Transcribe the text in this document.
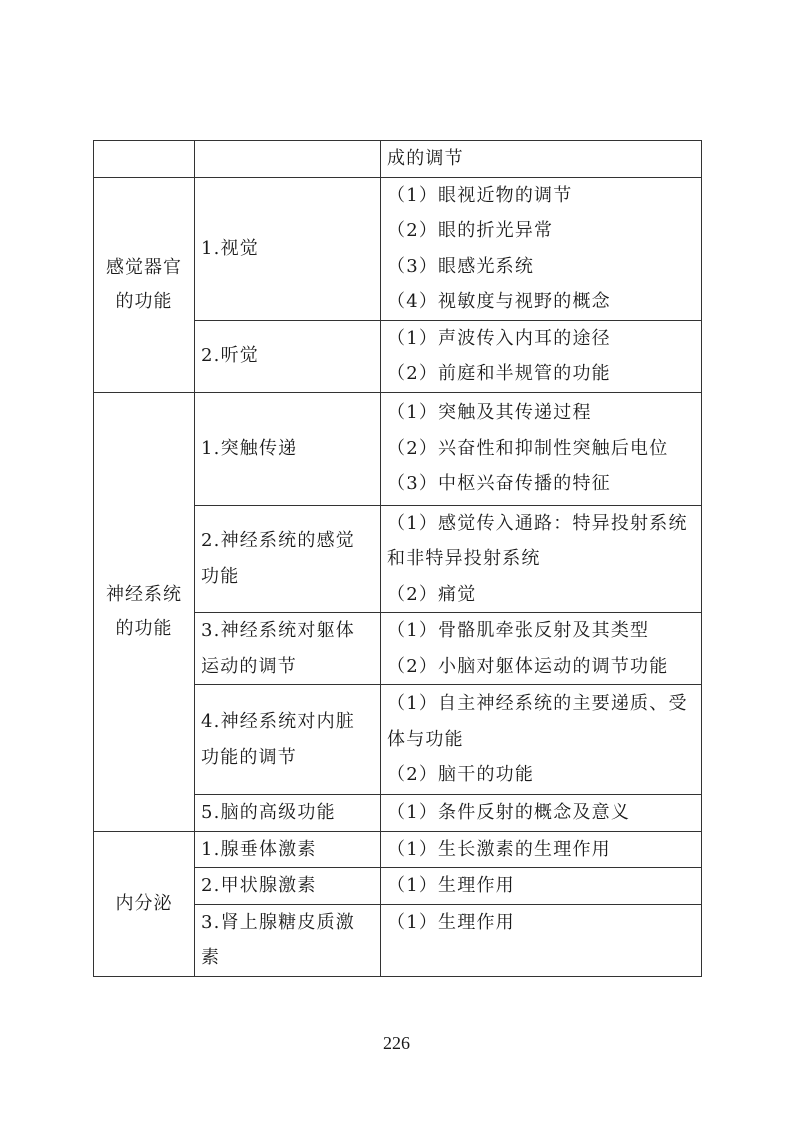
		成的调节

感觉器官的功能	1.视觉	（1）眼视近物的调节
（2）眼的折光异常
（3）眼感光系统
（4）视敏度与视野的概念

	2.听觉	（1）声波传入内耳的途径
（2）前庭和半规管的功能

神经系统的功能	1.突触传递	（1）突触及其传递过程
（2）兴奋性和抑制性突触后电位
（3）中枢兴奋传播的特征

	2.神经系统的感觉功能	（1）感觉传入通路：特异投射系统和非特异投射系统
（2）痛觉

	3.神经系统对躯体运动的调节	（1）骨骼肌牵张反射及其类型
（2）小脑对躯体运动的调节功能

	4.神经系统对内脏功能的调节	（1）自主神经系统的主要递质、受体与功能
（2）脑干的功能

	5.脑的高级功能	（1）条件反射的概念及意义

内分泌	1.腺垂体激素	（1）生长激素的生理作用

	2.甲状腺激素	（1）生理作用

	3.肾上腺糖皮质激素	（1）生理作用
226
